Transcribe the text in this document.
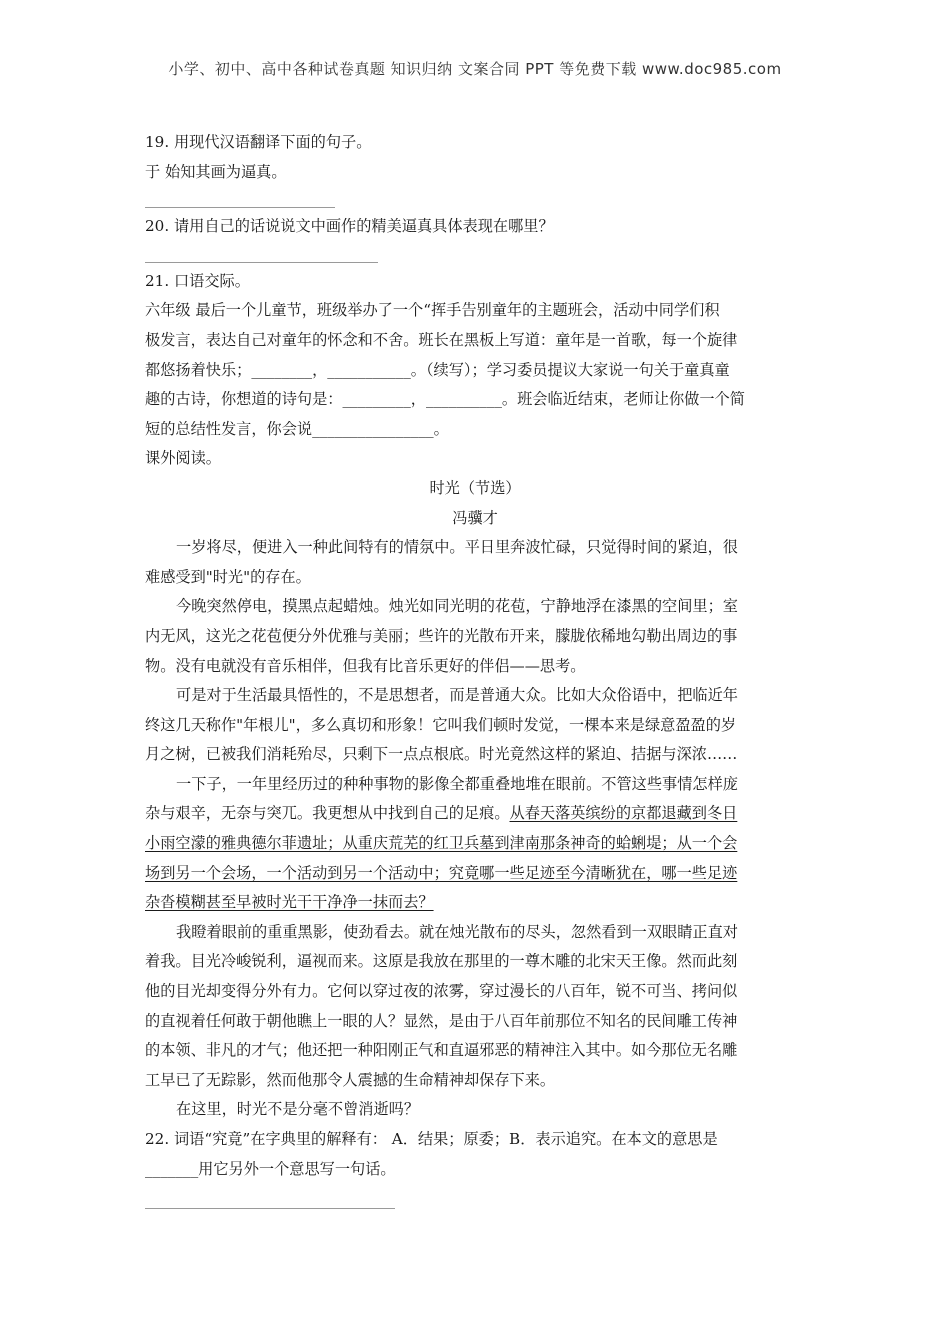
小学、初中、高中各种试卷真题 知识归纳 文案合同 PPT 等免费下载 www.doc985.com
19. 用现代汉语翻译下面的句子。
于 始知其画为逼真。
20. 请用自己的话说说文中画作的精美逼真具体表现在哪里？
21. 口语交际。
六年级 最后一个儿童节，班级举办了一个“挥手告别童年的主题班会，活动中同学们积
极发言，表达自己对童年的怀念和不舍。班长在黑板上写道：童年是一首歌，每一个旋律
都悠扬着快乐；________，___________。（续写）；学习委员提议大家说一句关于童真童
趣的古诗，你想道的诗句是：_________，__________。班会临近结束，老师让你做一个简
短的总结性发言，你会说________________。
课外阅读。
时光（节选）
冯骥才
一岁将尽，便进入一种此间特有的情氛中。平日里奔波忙碌，只觉得时间的紧迫，很
难感受到"时光"的存在。
今晚突然停电，摸黑点起蜡烛。烛光如同光明的花苞，宁静地浮在漆黑的空间里；室
内无风，这光之花苞便分外优雅与美丽；些许的光散布开来，朦胧依稀地勾勒出周边的事
物。没有电就没有音乐相伴，但我有比音乐更好的伴侣——思考。
可是对于生活最具悟性的，不是思想者，而是普通大众。比如大众俗语中，把临近年
终这几天称作"年根儿"，多么真切和形象！它叫我们顿时发觉，一棵本来是绿意盈盈的岁
月之树，已被我们消耗殆尽，只剩下一点点根底。时光竟然这样的紧迫、拮据与深浓……
一下子，一年里经历过的种种事物的影像全都重叠地堆在眼前。不管这些事情怎样庞
杂与艰辛，无奈与突兀。我更想从中找到自己的足痕。从春天落英缤纷的京都退藏到冬日
小雨空濛的雅典德尔菲遗址；从重庆荒芜的红卫兵墓到津南那条神奇的蛤蜊堤；从一个会
场到另一个会场，一个活动到另一个活动中；究竟哪一些足迹至今清晰犹在，哪一些足迹
杂沓模糊甚至早被时光干干净净一抹而去？
我瞪着眼前的重重黑影，使劲看去。就在烛光散布的尽头，忽然看到一双眼睛正直对
着我。目光冷峻锐利，逼视而来。这原是我放在那里的一尊木雕的北宋天王像。然而此刻
他的目光却变得分外有力。它何以穿过夜的浓雾，穿过漫长的八百年，锐不可当、拷问似
的直视着任何敢于朝他瞧上一眼的人？显然，是由于八百年前那位不知名的民间雕工传神
的本领、非凡的才气；他还把一种阳刚正气和直逼邪恶的精神注入其中。如今那位无名雕
工早已了无踪影，然而他那令人震撼的生命精神却保存下来。
在这里，时光不是分毫不曾消逝吗？
22. 词语“究竟”在字典里的解释有： A．结果；原委；B．表示追究。在本文的意思是
_______用它另外一个意思写一句话。
